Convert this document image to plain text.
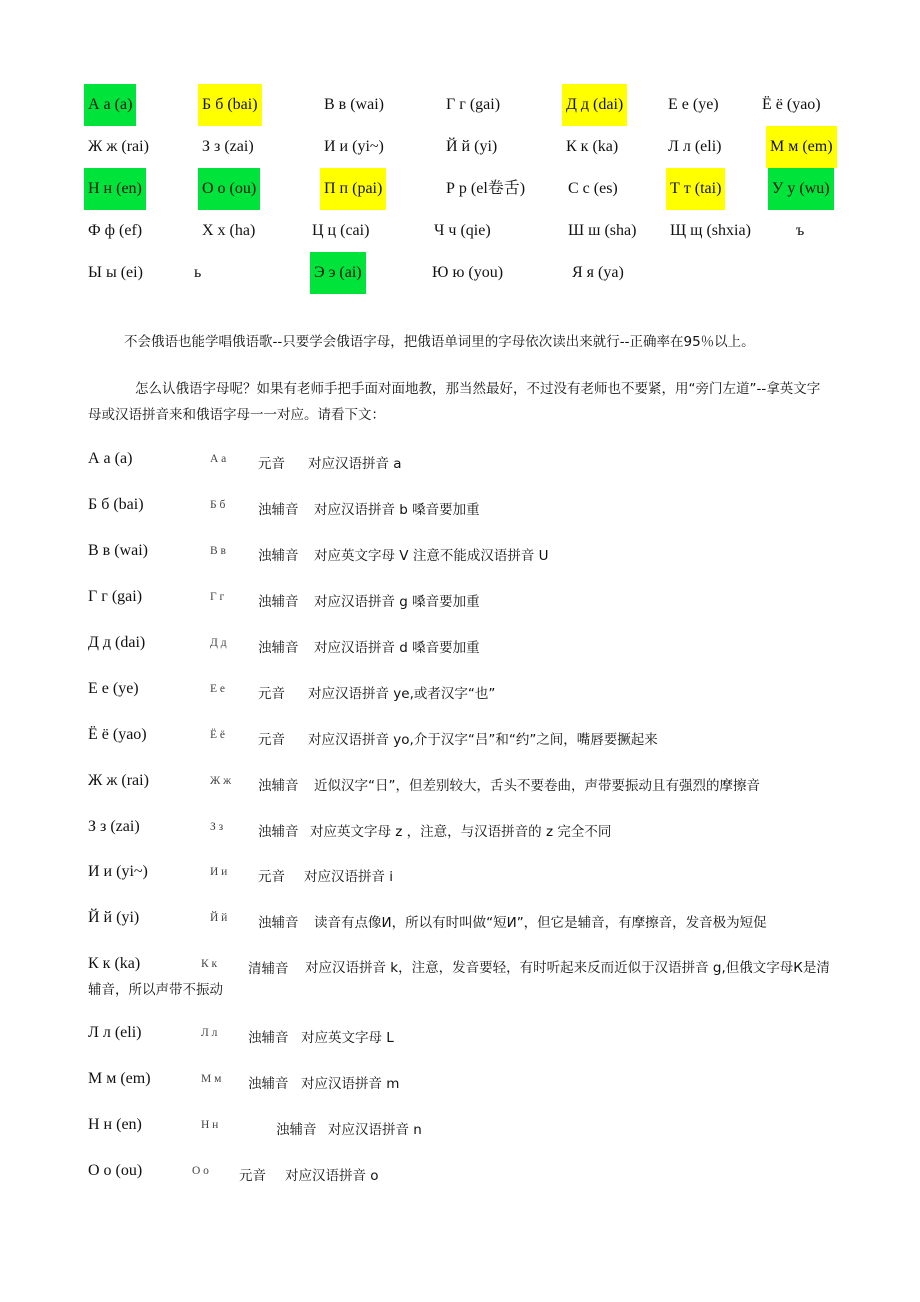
А а (a)	Б б (bai)	В в (wai)	Г г (gai)	Д д (dai)	Е е (ye)	Ё ё (yao)
Ж ж (rai)	З з (zai)	И и (yi~)	Й й (yi)	К к (ka)	Л л (eli)	М м (em)
Н н (en)	О о (ou)	П п (pai)	Р р (el卷舌)	С с (es)	Т т (tai)	У у (wu)
Ф ф (ef)	Х х (ha)	Ц ц (cai)	Ч ч (qie)	Ш ш (sha) Щ щ (shxia)	ъ
Ы ы (ei)	ь	Э э (ai)	Ю ю (you)	Я я (ya)

不会俄语也能学唱俄语歌--只要学会俄语字母，把俄语单词里的字母依次读出来就行--正确率在95％以上。

怎么认俄语字母呢？如果有老师手把手面对面地教，那当然最好，不过没有老师也不要紧，用“旁门左道”--拿英文字母或汉语拼音来和俄语字母一一对应。请看下文：

А а (a)	А а 元音 对应汉语拼音 a
Б б (bai)	Б б 浊辅音 对应汉语拼音 b 嗓音要加重
В в (wai)	В в 浊辅音 对应英文字母 V 注意不能成汉语拼音 U
Г г (gai)	Г г	浊辅音 对应汉语拼音 g 嗓音要加重
Д д (dai)	Д д 浊辅音 对应汉语拼音 d 嗓音要加重
Е е (ye)	Е е 元音 对应汉语拼音 ye,或者汉字“也”
Ё ё (yao)	Ё ё 元音 对应汉语拼音 yo,介于汉字“吕”和“约”之间，嘴唇要撅起来
Ж ж (rai)	Ж ж 浊辅音 近似汉字“日”，但差别较大，舌头不要卷曲，声带要振动且有强烈的摩擦音
З з (zai)	З з	浊辅音 对应英文字母 z ，注意，与汉语拼音的 z 完全不同
И и (yi~)	И и 元音 对应汉语拼音 i
Й й (yi)	Й й 浊辅音 读音有点像И，所以有时叫做“短И”，但它是辅音，有摩擦音，发音极为短促
К к (ka)	К к 清辅音	对应汉语拼音 k，注意，发音要轻，有时听起来反而近似于汉语拼音 g,但俄文字母К是清辅音，所以声带不振动
Л л (eli)	Л л 浊辅音 对应英文字母 L
М м (em)	М м 浊辅音 对应汉语拼音 m
Н н (en)	Н н	浊辅音 对应汉语拼音 n
О о (ou)	О о 元音 对应汉语拼音 o
